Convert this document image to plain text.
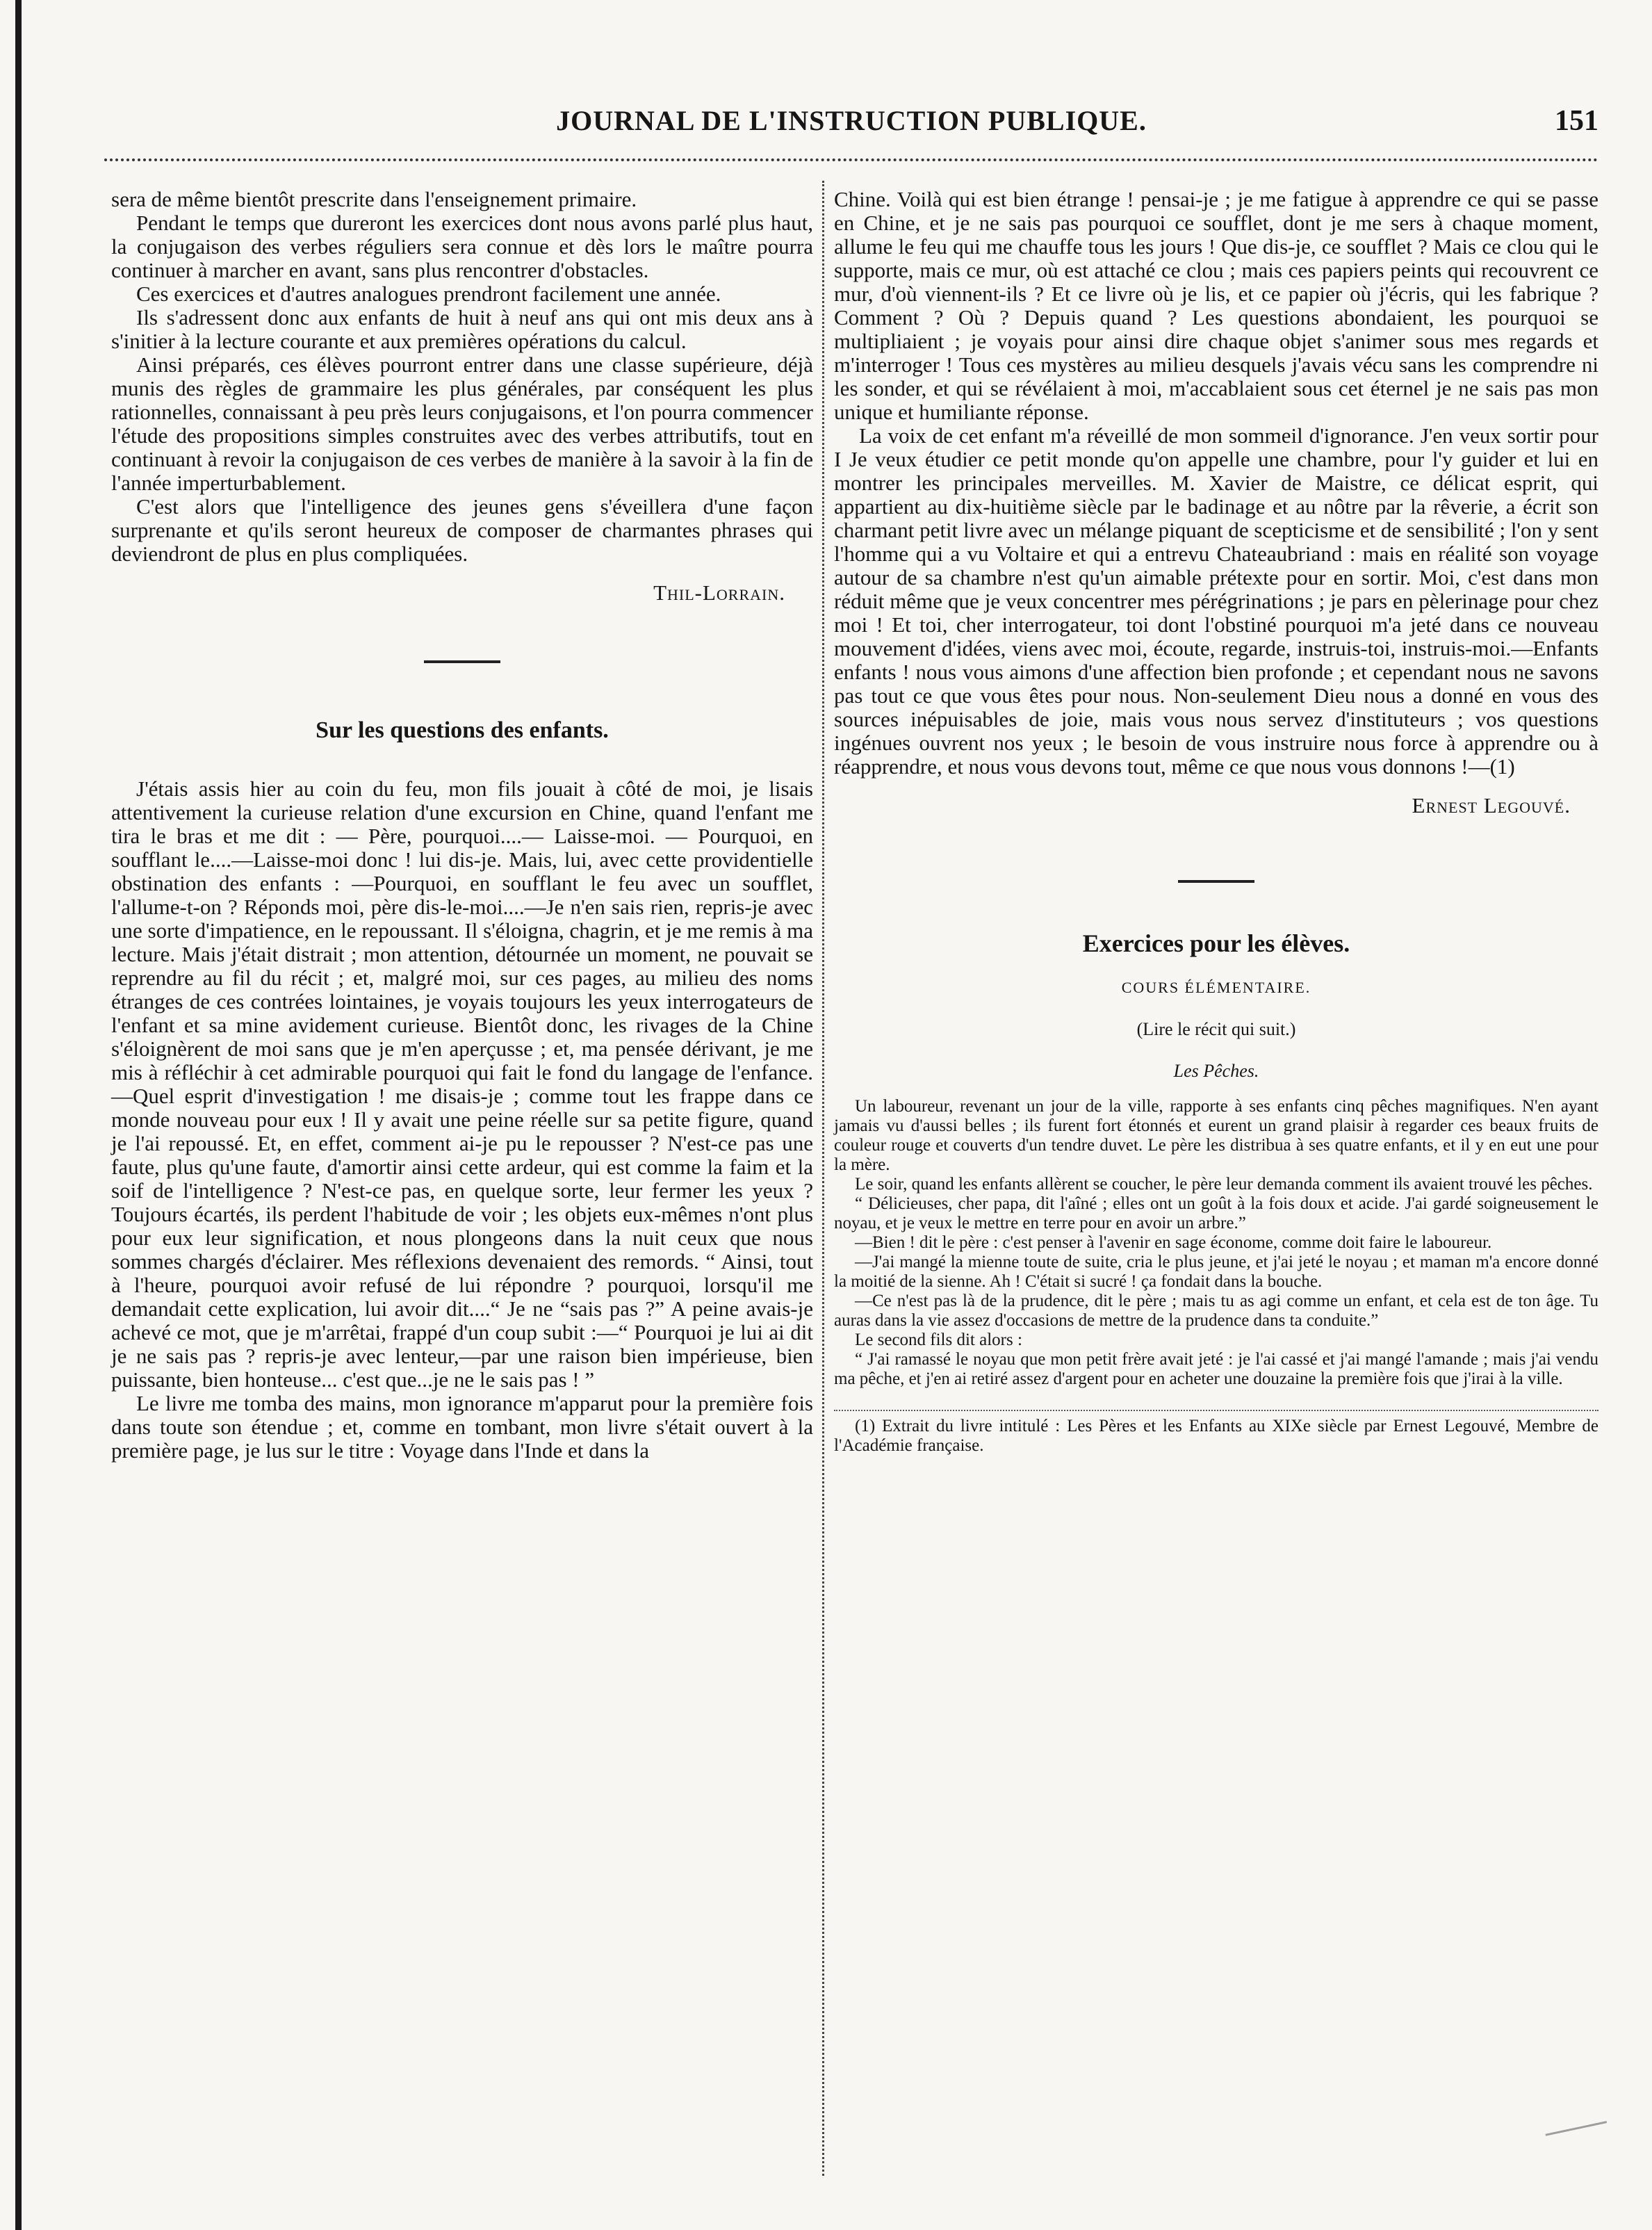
JOURNAL DE L'INSTRUCTION PUBLIQUE.	151

sera de même bientôt prescrite dans l'enseignement primaire.

Pendant le temps que dureront les exercices dont nous avons parlé plus haut, la conjugaison des verbes réguliers sera connue et dès lors le maître pourra continuer à marcher en avant, sans plus rencontrer d'obstacles.

Ces exercices et d'autres analogues prendront facilement une année.

Ils s'adressent donc aux enfants de huit à neuf ans qui ont mis deux ans à s'initier à la lecture courante et aux premières opérations du calcul.

Ainsi préparés, ces élèves pourront entrer dans une classe supérieure, déjà munis des règles de grammaire les plus générales, par conséquent les plus rationnelles, connaissant à peu près leurs conjugaisons, et l'on pourra commencer l'étude des propositions simples construites avec des verbes attributifs, tout en continuant à revoir la conjugaison de ces verbes de manière à la savoir à la fin de l'année imperturbablement.

C'est alors que l'intelligence des jeunes gens s'éveillera d'une façon surprenante et qu'ils seront heureux de composer de charmantes phrases qui deviendront de plus en plus compliquées.

Thil-Lorrain.
Sur les questions des enfants.

J'étais assis hier au coin du feu, mon fils jouait à côté de moi, je lisais attentivement la curieuse relation d'une excursion en Chine, quand l'enfant me tira le bras et me dit : — Père, pourquoi....— Laisse-moi. — Pourquoi, en soufflant le....—Laisse-moi donc ! lui dis-je. Mais, lui, avec cette providentielle obstination des enfants : —Pourquoi, en soufflant le feu avec un soufflet, l'allume-t-on ? Réponds moi, père dis-le-moi....—Je n'en sais rien, repris-je avec une sorte d'impatience, en le repoussant. Il s'éloigna, chagrin, et je me remis à ma lecture. Mais j'était distrait ; mon attention, détournée un moment, ne pouvait se reprendre au fil du récit ; et, malgré moi, sur ces pages, au milieu des noms étranges de ces contrées lointaines, je voyais toujours les yeux interrogateurs de l'enfant et sa mine avidement curieuse. Bientôt donc, les rivages de la Chine s'éloignèrent de moi sans que je m'en aperçusse ; et, ma pensée dérivant, je me mis à réfléchir à cet admirable pourquoi qui fait le fond du langage de l'enfance.—Quel esprit d'investigation ! me disais-je ; comme tout les frappe dans ce monde nouveau pour eux ! Il y avait une peine réelle sur sa petite figure, quand je l'ai repoussé. Et, en effet, comment ai-je pu le repousser ? N'est-ce pas une faute, plus qu'une faute, d'amortir ainsi cette ardeur, qui est comme la faim et la soif de l'intelligence ? N'est-ce pas, en quelque sorte, leur fermer les yeux ? Toujours écartés, ils perdent l'habitude de voir ; les objets eux-mêmes n'ont plus pour eux leur signification, et nous plongeons dans la nuit ceux que nous sommes chargés d'éclairer. Mes réflexions devenaient des remords. “ Ainsi, tout à l'heure, pourquoi avoir refusé de lui répondre ? pourquoi, lorsqu'il me demandait cette explication, lui avoir dit....“ Je ne “sais pas ?” A peine avais-je achevé ce mot, que je m'arrêtai, frappé d'un coup subit :—“ Pourquoi je lui ai dit je ne sais pas ? repris-je avec lenteur,—par une raison bien impérieuse, bien puissante, bien honteuse... c'est que...je ne le sais pas ! ”

Le livre me tomba des mains, mon ignorance m'apparut pour la première fois dans toute son étendue ; et, comme en tombant, mon livre s'était ouvert à la première page, je lus sur le titre : Voyage dans l'Inde et dans la

Chine. Voilà qui est bien étrange ! pensai-je ; je me fatigue à apprendre ce qui se passe en Chine, et je ne sais pas pourquoi ce soufflet, dont je me sers à chaque moment, allume le feu qui me chauffe tous les jours ! Que dis-je, ce soufflet ? Mais ce clou qui le supporte, mais ce mur, où est attaché ce clou ; mais ces papiers peints qui recouvrent ce mur, d'où viennent-ils ? Et ce livre où je lis, et ce papier où j'écris, qui les fabrique ? Comment ? Où ? Depuis quand ? Les questions abondaient, les pourquoi se multipliaient ; je voyais pour ainsi dire chaque objet s'animer sous mes regards et m'interroger ! Tous ces mystères au milieu desquels j'avais vécu sans les comprendre ni les sonder, et qui se révélaient à moi, m'accablaient sous cet éternel je ne sais pas mon unique et humiliante réponse.

La voix de cet enfant m'a réveillé de mon sommeil d'ignorance. J'en veux sortir pour I Je veux étudier ce petit monde qu'on appelle une chambre, pour l'y guider et lui en montrer les principales merveilles. M. Xavier de Maistre, ce délicat esprit, qui appartient au dix-huitième siècle par le badinage et au nôtre par la rêverie, a écrit son charmant petit livre avec un mélange piquant de scepticisme et de sensibilité ; l'on y sent l'homme qui a vu Voltaire et qui a entrevu Chateaubriand : mais en réalité son voyage autour de sa chambre n'est qu'un aimable prétexte pour en sortir. Moi, c'est dans mon réduit même que je veux concentrer mes pérégrinations ; je pars en pèlerinage pour chez moi ! Et toi, cher interrogateur, toi dont l'obstiné pourquoi m'a jeté dans ce nouveau mouvement d'idées, viens avec moi, écoute, regarde, instruis-toi, instruis-moi.—Enfants enfants ! nous vous aimons d'une affection bien profonde ; et cependant nous ne savons pas tout ce que vous êtes pour nous. Non-seulement Dieu nous a donné en vous des sources inépuisables de joie, mais vous nous servez d'instituteurs ; vos questions ingénues ouvrent nos yeux ; le besoin de vous instruire nous force à apprendre ou à réapprendre, et nous vous devons tout, même ce que nous vous donnons !—(1)

Ernest Legouvé.
Exercices pour les élèves.
COURS ÉLÉMENTAIRE.
(Lire le récit qui suit.)
Les Pêches.

Un laboureur, revenant un jour de la ville, rapporte à ses enfants cinq pêches magnifiques. N'en ayant jamais vu d'aussi belles ; ils furent fort étonnés et eurent un grand plaisir à regarder ces beaux fruits de couleur rouge et couverts d'un tendre duvet. Le père les distribua à ses quatre enfants, et il y en eut une pour la mère.

Le soir, quand les enfants allèrent se coucher, le père leur demanda comment ils avaient trouvé les pêches.

“ Délicieuses, cher papa, dit l'aîné ; elles ont un goût à la fois doux et acide. J'ai gardé soigneusement le noyau, et je veux le mettre en terre pour en avoir un arbre.”

—Bien ! dit le père : c'est penser à l'avenir en sage économe, comme doit faire le laboureur.

—J'ai mangé la mienne toute de suite, cria le plus jeune, et j'ai jeté le noyau ; et maman m'a encore donné la moitié de la sienne. Ah ! C'était si sucré ! ça fondait dans la bouche.

—Ce n'est pas là de la prudence, dit le père ; mais tu as agi comme un enfant, et cela est de ton âge. Tu auras dans la vie assez d'occasions de mettre de la prudence dans ta conduite.”

Le second fils dit alors :

“ J'ai ramassé le noyau que mon petit frère avait jeté : je l'ai cassé et j'ai mangé l'amande ; mais j'ai vendu ma pêche, et j'en ai retiré assez d'argent pour en acheter une douzaine la première fois que j'irai à la ville.

(1) Extrait du livre intitulé : Les Pères et les Enfants au XIXe siècle par Ernest Legouvé, Membre de l'Académie française.
